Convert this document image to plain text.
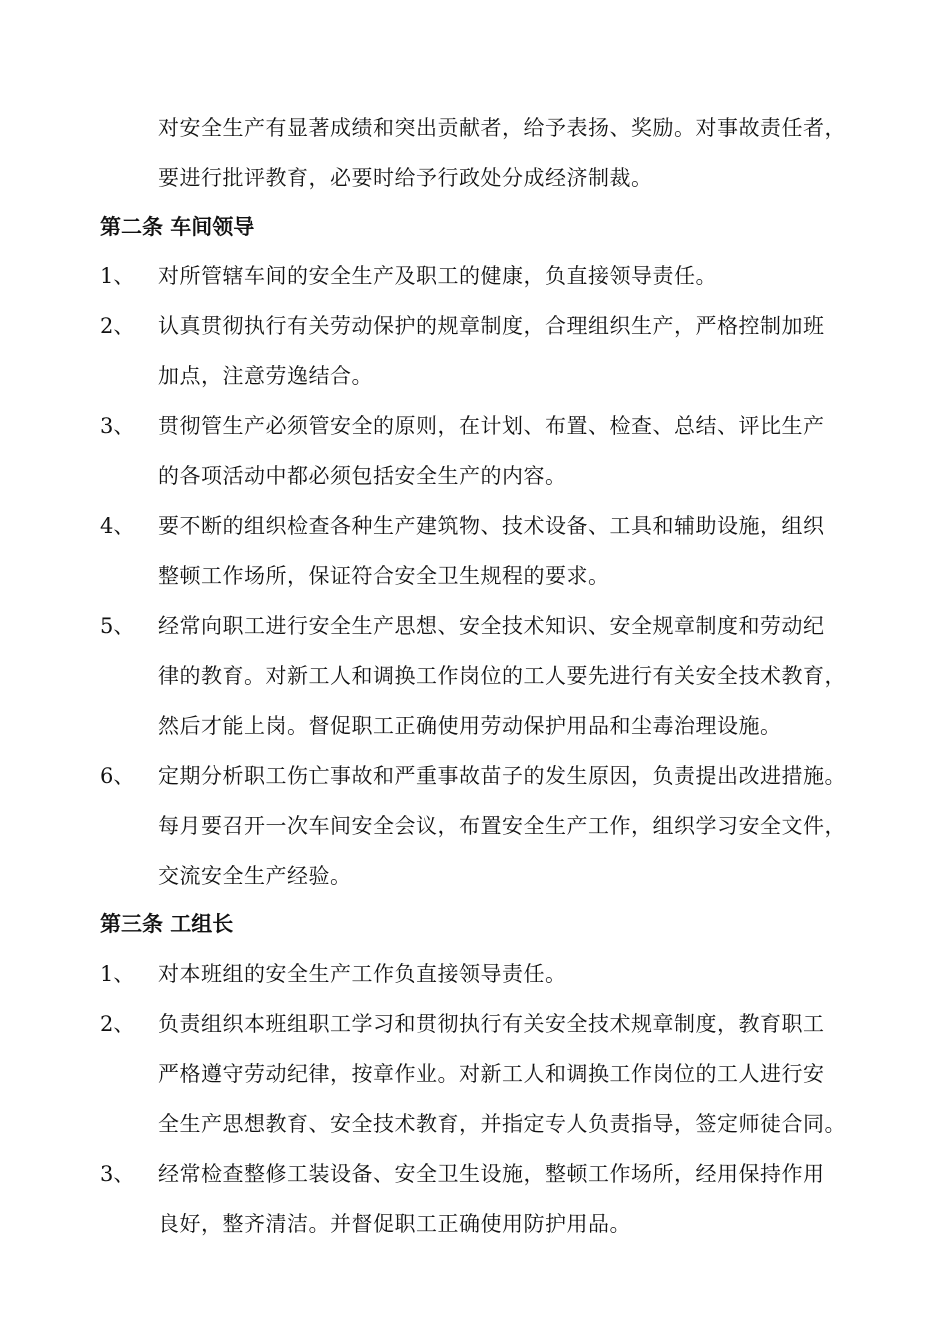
对安全生产有显著成绩和突出贡献者，给予表扬、奖励。对事故责任者，
要进行批评教育，必要时给予行政处分成经济制裁。
第二条 车间领导
1、 对所管辖车间的安全生产及职工的健康，负直接领导责任。
2、 认真贯彻执行有关劳动保护的规章制度，合理组织生产，严格控制加班
加点，注意劳逸结合。
3、 贯彻管生产必须管安全的原则，在计划、布置、检查、总结、评比生产
的各项活动中都必须包括安全生产的内容。
4、 要不断的组织检查各种生产建筑物、技术设备、工具和辅助设施，组织
整顿工作场所，保证符合安全卫生规程的要求。
5、 经常向职工进行安全生产思想、安全技术知识、安全规章制度和劳动纪
律的教育。对新工人和调换工作岗位的工人要先进行有关安全技术教育，
然后才能上岗。督促职工正确使用劳动保护用品和尘毒治理设施。
6、 定期分析职工伤亡事故和严重事故苗子的发生原因，负责提出改进措施。
每月要召开一次车间安全会议，布置安全生产工作，组织学习安全文件，
交流安全生产经验。
第三条 工组长
1、 对本班组的安全生产工作负直接领导责任。
2、 负责组织本班组职工学习和贯彻执行有关安全技术规章制度，教育职工
严格遵守劳动纪律，按章作业。对新工人和调换工作岗位的工人进行安
全生产思想教育、安全技术教育，并指定专人负责指导，签定师徒合同。
3、 经常检查整修工装设备、安全卫生设施，整顿工作场所，经用保持作用
良好，整齐清洁。并督促职工正确使用防护用品。
